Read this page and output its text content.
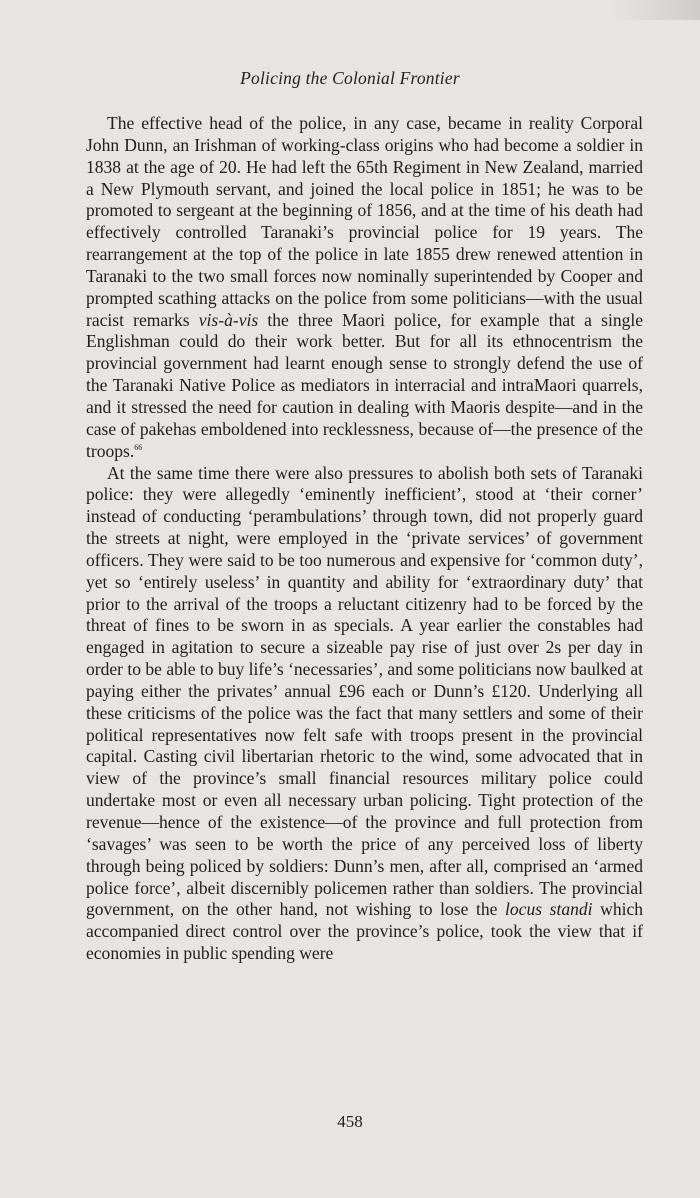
Policing the Colonial Frontier

The effective head of the police, in any case, became in reality Corporal John Dunn, an Irishman of working-class origins who had become a soldier in 1838 at the age of 20. He had left the 65th Regiment in New Zealand, married a New Plymouth servant, and joined the local police in 1851; he was to be promoted to sergeant at the beginning of 1856, and at the time of his death had effectively controlled Taranaki’s provincial police for 19 years. The rearrangement at the top of the police in late 1855 drew renewed attention in Taranaki to the two small forces now nominally superintended by Cooper and prompted scathing attacks on the police from some politicians—with the usual racist remarks vis-à-vis the three Maori police, for example that a single Englishman could do their work better. But for all its ethnocentrism the provincial government had learnt enough sense to strongly defend the use of the Taranaki Native Police as mediators in interracial and intraMaori quarrels, and it stressed the need for caution in dealing with Maoris despite—and in the case of pakehas emboldened into recklessness, because of—the presence of the troops.$^{66}$

At the same time there were also pressures to abolish both sets of Taranaki police: they were allegedly ‘eminently inefficient’, stood at ‘their corner’ instead of conducting ‘perambulations’ through town, did not properly guard the streets at night, were employed in the ‘private services’ of government officers. They were said to be too numerous and expensive for ‘common duty’, yet so ‘entirely useless’ in quantity and ability for ‘extraordinary duty’ that prior to the arrival of the troops a reluctant citizenry had to be forced by the threat of fines to be sworn in as specials. A year earlier the constables had engaged in agitation to secure a sizeable pay rise of just over 2s per day in order to be able to buy life’s ‘necessaries’, and some politicians now baulked at paying either the privates’ annual £96 each or Dunn’s £120. Underlying all these criticisms of the police was the fact that many settlers and some of their political representatives now felt safe with troops present in the provincial capital. Casting civil libertarian rhetoric to the wind, some advocated that in view of the province’s small financial resources military police could undertake most or even all necessary urban policing. Tight protection of the revenue—hence of the existence—of the province and full protection from ‘savages’ was seen to be worth the price of any perceived loss of liberty through being policed by soldiers: Dunn’s men, after all, comprised an ‘armed police force’, albeit discernibly policemen rather than soldiers. The provincial government, on the other hand, not wishing to lose the locus standi which accompanied direct control over the province’s police, took the view that if economies in public spending were

458
